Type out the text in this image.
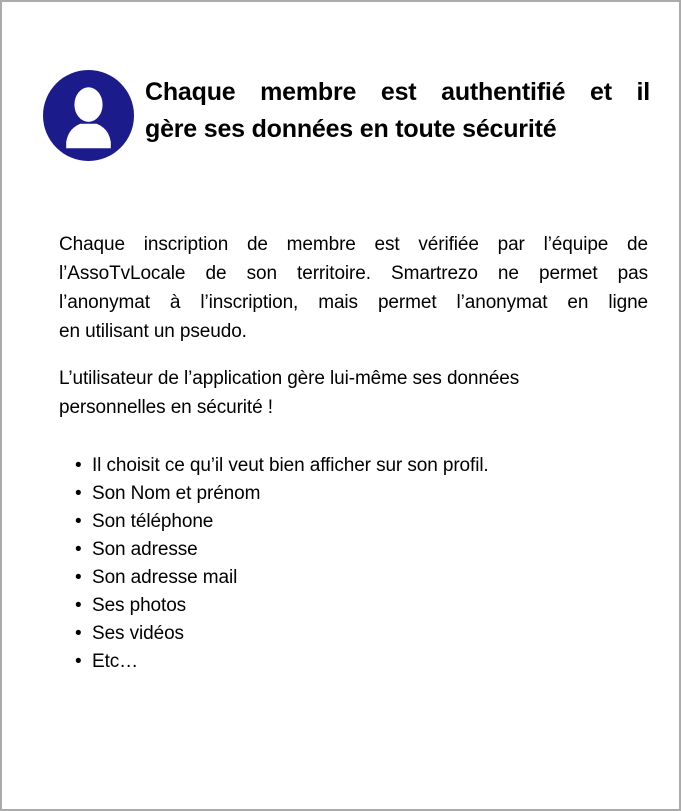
Chaque membre est authentifié et il
gère ses données en toute sécurité
Chaque inscription de membre est vérifiée par l’équipe de
l’AssoTvLocale de son territoire. Smartrezo ne permet pas
l’anonymat à l’inscription, mais permet l’anonymat en ligne
en utilisant un pseudo.
L’utilisateur de l’application gère lui-même ses données
personnelles en sécurité !
• Il choisit ce qu’il veut bien afficher sur son profil.
• Son Nom et prénom
• Son téléphone
• Son adresse
• Son adresse mail
• Ses photos
• Ses vidéos
• Etc…
